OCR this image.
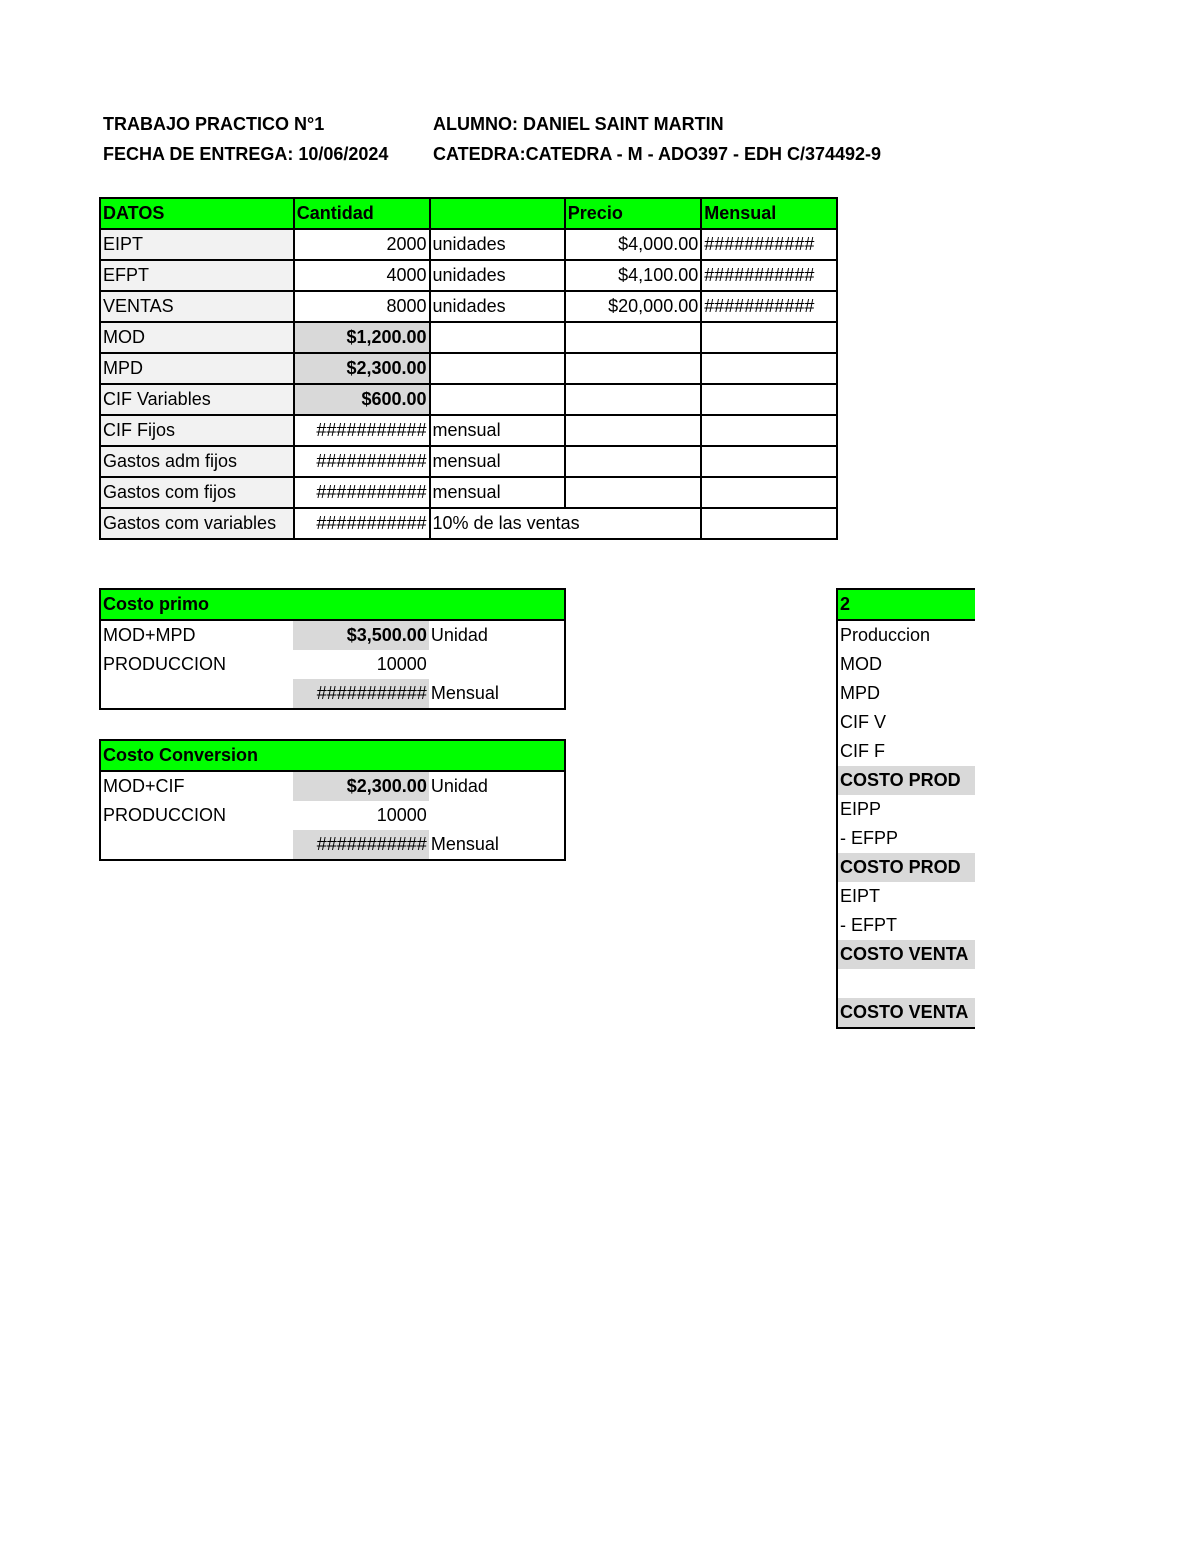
TRABAJO PRACTICO N°1	ALUMNO: DANIEL SAINT MARTIN
FECHA DE ENTREGA: 10/06/2024 CATEDRA:CATEDRA - M - ADO397 - EDH C/374492-9
DATOS	Cantidad		Precio	Mensual
EIPT	2000	unidades	$4,000.00	###########
EFPT	4000	unidades	$4,100.00	###########
VENTAS	8000	unidades	$20,000.00	###########
MOD	$1,200.00			
MPD	$2,300.00			
CIF Variables	$600.00			
CIF Fijos	###########	mensual		
Gastos adm fijos	###########	mensual		
Gastos com fijos	###########	mensual		
Gastos com variables	###########	10% de las ventas		
Costo primo		
MOD+MPD	$3,500.00	Unidad
PRODUCCION	10000	
	###########	Mensual
Costo Conversion		
MOD+CIF	$2,300.00	Unidad
PRODUCCION	10000	
	###########	Mensual
2
Produccion
MOD
MPD
CIF V
CIF F
COSTO PROD
EIPP
- EFPP
COSTO PROD
EIPT
- EFPT
COSTO VENTA

COSTO VENTA
